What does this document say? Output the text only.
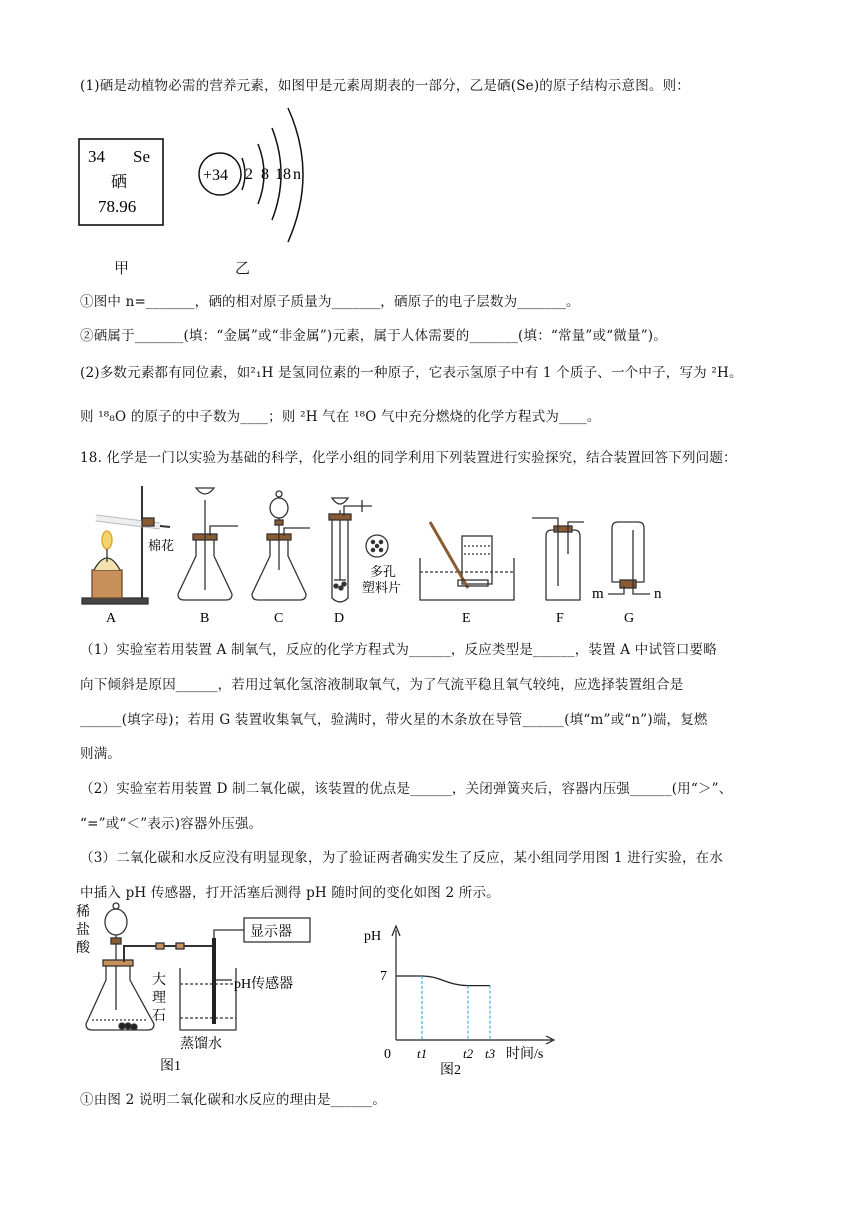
(1)硒是动植物必需的营养元素，如图甲是元素周期表的一部分，乙是硒(Se)的原子结构示意图。则：
34 Se
硒
78.96
+34 2 8 18 n
甲	乙
①图中 n=_______，硒的相对原子质量为_______，硒原子的电子层数为_______。
②硒属于_______(填：“金属”或“非金属”)元素，属于人体需要的_______(填：“常量”或“微量”)。
(2)多数元素都有同位素，如²₁H 是氢同位素的一种原子，它表示氢原子中有 1 个质子、一个中子，写为 ²H。
则 ¹⁸₈O 的原子的中子数为____；则 ²H 气在 ¹⁸O 气中充分燃烧的化学方程式为____。
18. 化学是一门以实验为基础的科学，化学小组的同学利用下列装置进行实验探究，结合装置回答下列问题：
棉花
多孔
塑料片	m	n
A	B	C	D	E	F	G
（1）实验室若用装置 A 制氧气，反应的化学方程式为______，反应类型是______，装置 A 中试管口要略
向下倾斜是原因______，若用过氧化氢溶液制取氧气，为了气流平稳且氧气较纯，应选择装置组合是
______(填字母)；若用 G 装置收集氧气，验满时，带火星的木条放在导管______(填“m”或“n”)端，复燃
则满。
（2）实验室若用装置 D 制二氧化碳，该装置的优点是______，关闭弹簧夹后，容器内压强______(用“＞”、
“=”或“＜”表示)容器外压强。
（3）二氧化碳和水反应没有明显现象，为了验证两者确实发生了反应，某小组同学用图 1 进行实验，在水
中插入 pH 传感器，打开活塞后测得 pH 随时间的变化如图 2 所示。
稀
盐
酸
大
理
石
蒸馏水
显示器
pH传感器
图1
pH
7
0 t1	t2 t3 时间/s
图2
①由图 2 说明二氧化碳和水反应的理由是______。
